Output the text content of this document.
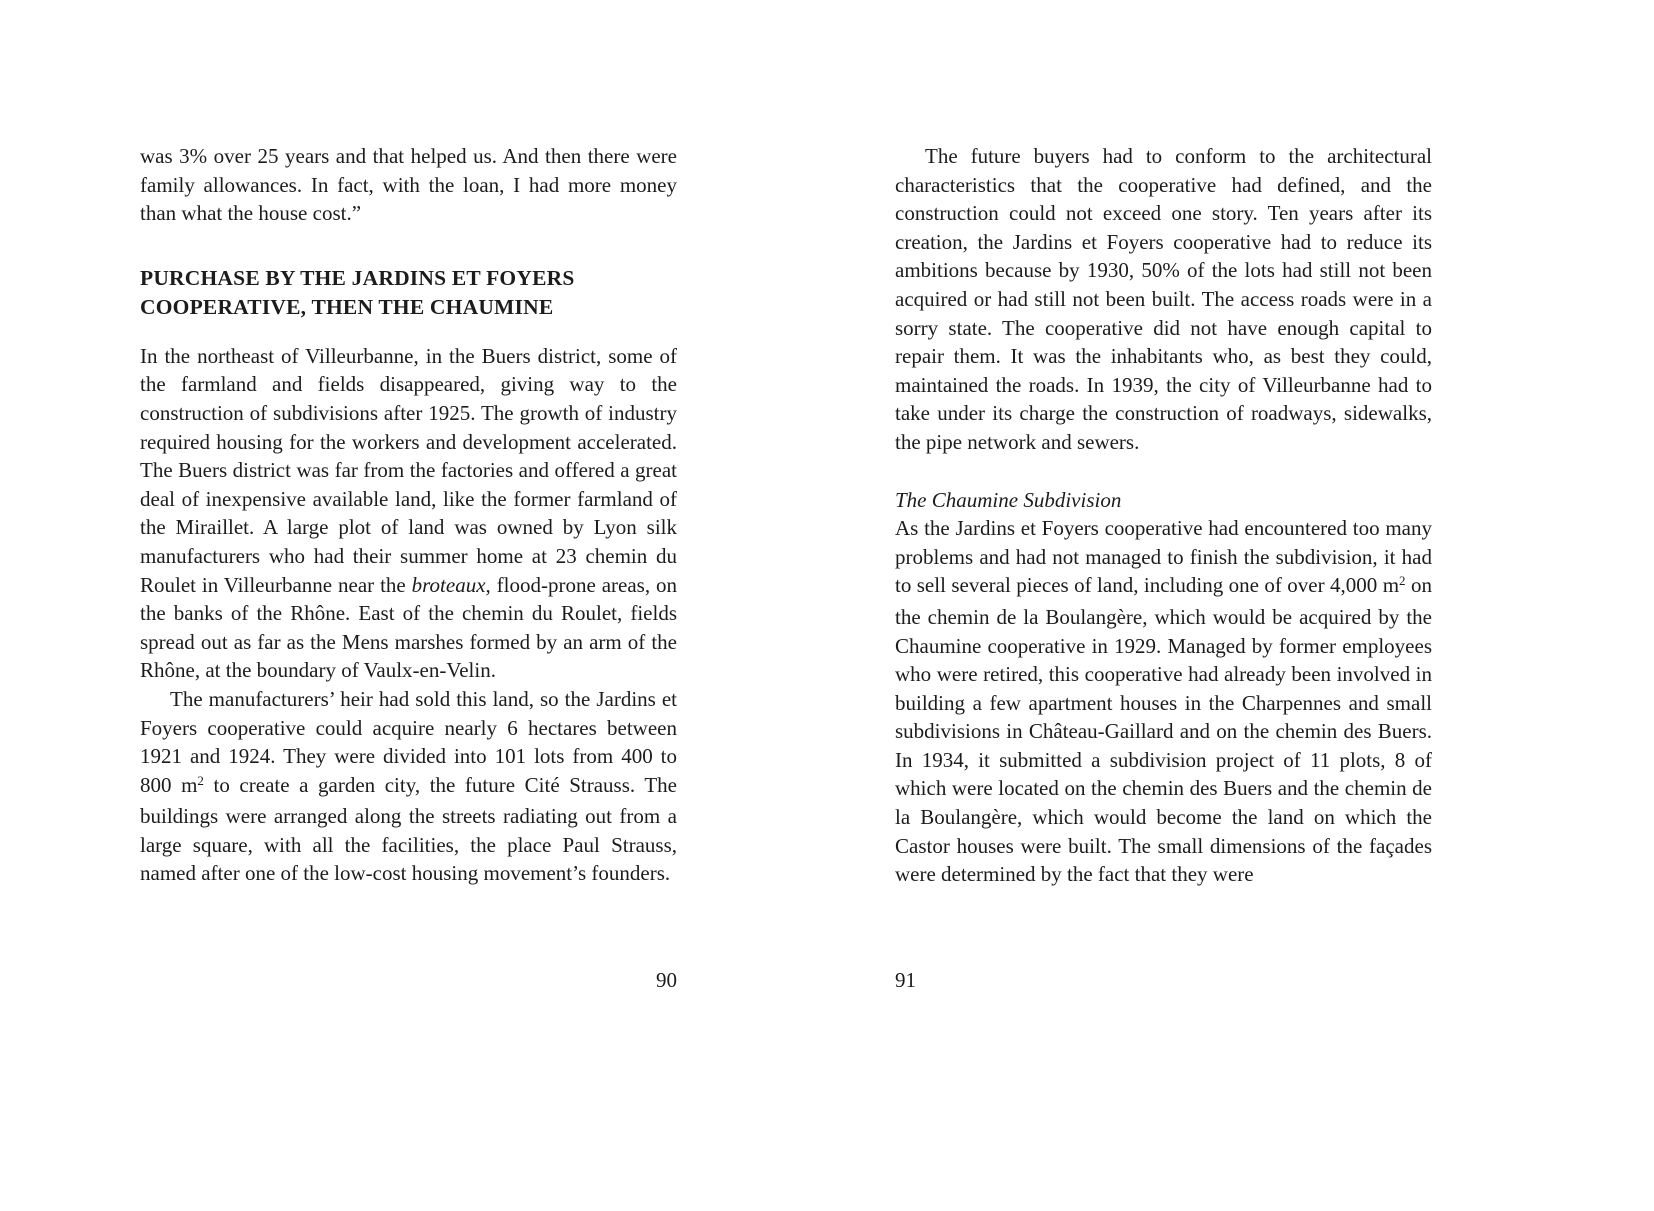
was 3% over 25 years and that helped us. And then there were family allowances. In fact, with the loan, I had more money than what the house cost.”

PURCHASE BY THE JARDINS ET FOYERS COOPERATIVE, THEN THE CHAUMINE

In the northeast of Villeurbanne, in the Buers district, some of the farmland and fields disappeared, giving way to the construction of subdivisions after 1925. The growth of industry required housing for the workers and development accelerated. The Buers district was far from the factories and offered a great deal of inexpensive available land, like the former farmland of the Miraillet. A large plot of land was owned by Lyon silk manufacturers who had their summer home at 23 chemin du Roulet in Villeurbanne near the broteaux, flood-prone areas, on the banks of the Rhône. East of the chemin du Roulet, fields spread out as far as the Mens marshes formed by an arm of the Rhône, at the boundary of Vaulx-en-Velin.

The manufacturers’ heir had sold this land, so the Jardins et Foyers cooperative could acquire nearly 6 hectares between 1921 and 1924. They were divided into 101 lots from 400 to 800 $m^2$ to create a garden city, the future Cité Strauss. The buildings were arranged along the streets radiating out from a large square, with all the facilities, the place Paul Strauss, named after one of the low-cost housing movement’s founders.

90

The future buyers had to conform to the architectural characteristics that the cooperative had defined, and the construction could not exceed one story. Ten years after its creation, the Jardins et Foyers cooperative had to reduce its ambitions because by 1930, 50% of the lots had still not been acquired or had still not been built. The access roads were in a sorry state. The cooperative did not have enough capital to repair them. It was the inhabitants who, as best they could, maintained the roads. In 1939, the city of Villeurbanne had to take under its charge the construction of roadways, sidewalks, the pipe network and sewers.

The Chaumine Subdivision

As the Jardins et Foyers cooperative had encountered too many problems and had not managed to finish the subdivision, it had to sell several pieces of land, including one of over 4,000 $m^2$ on the chemin de la Boulangère, which would be acquired by the Chaumine cooperative in 1929. Managed by former employees who were retired, this cooperative had already been involved in building a few apartment houses in the Charpennes and small subdivisions in Château-Gaillard and on the chemin des Buers. In 1934, it submitted a subdivision project of 11 plots, 8 of which were located on the chemin des Buers and the chemin de la Boulangère, which would become the land on which the Castor houses were built. The small dimensions of the façades were determined by the fact that they were

91
